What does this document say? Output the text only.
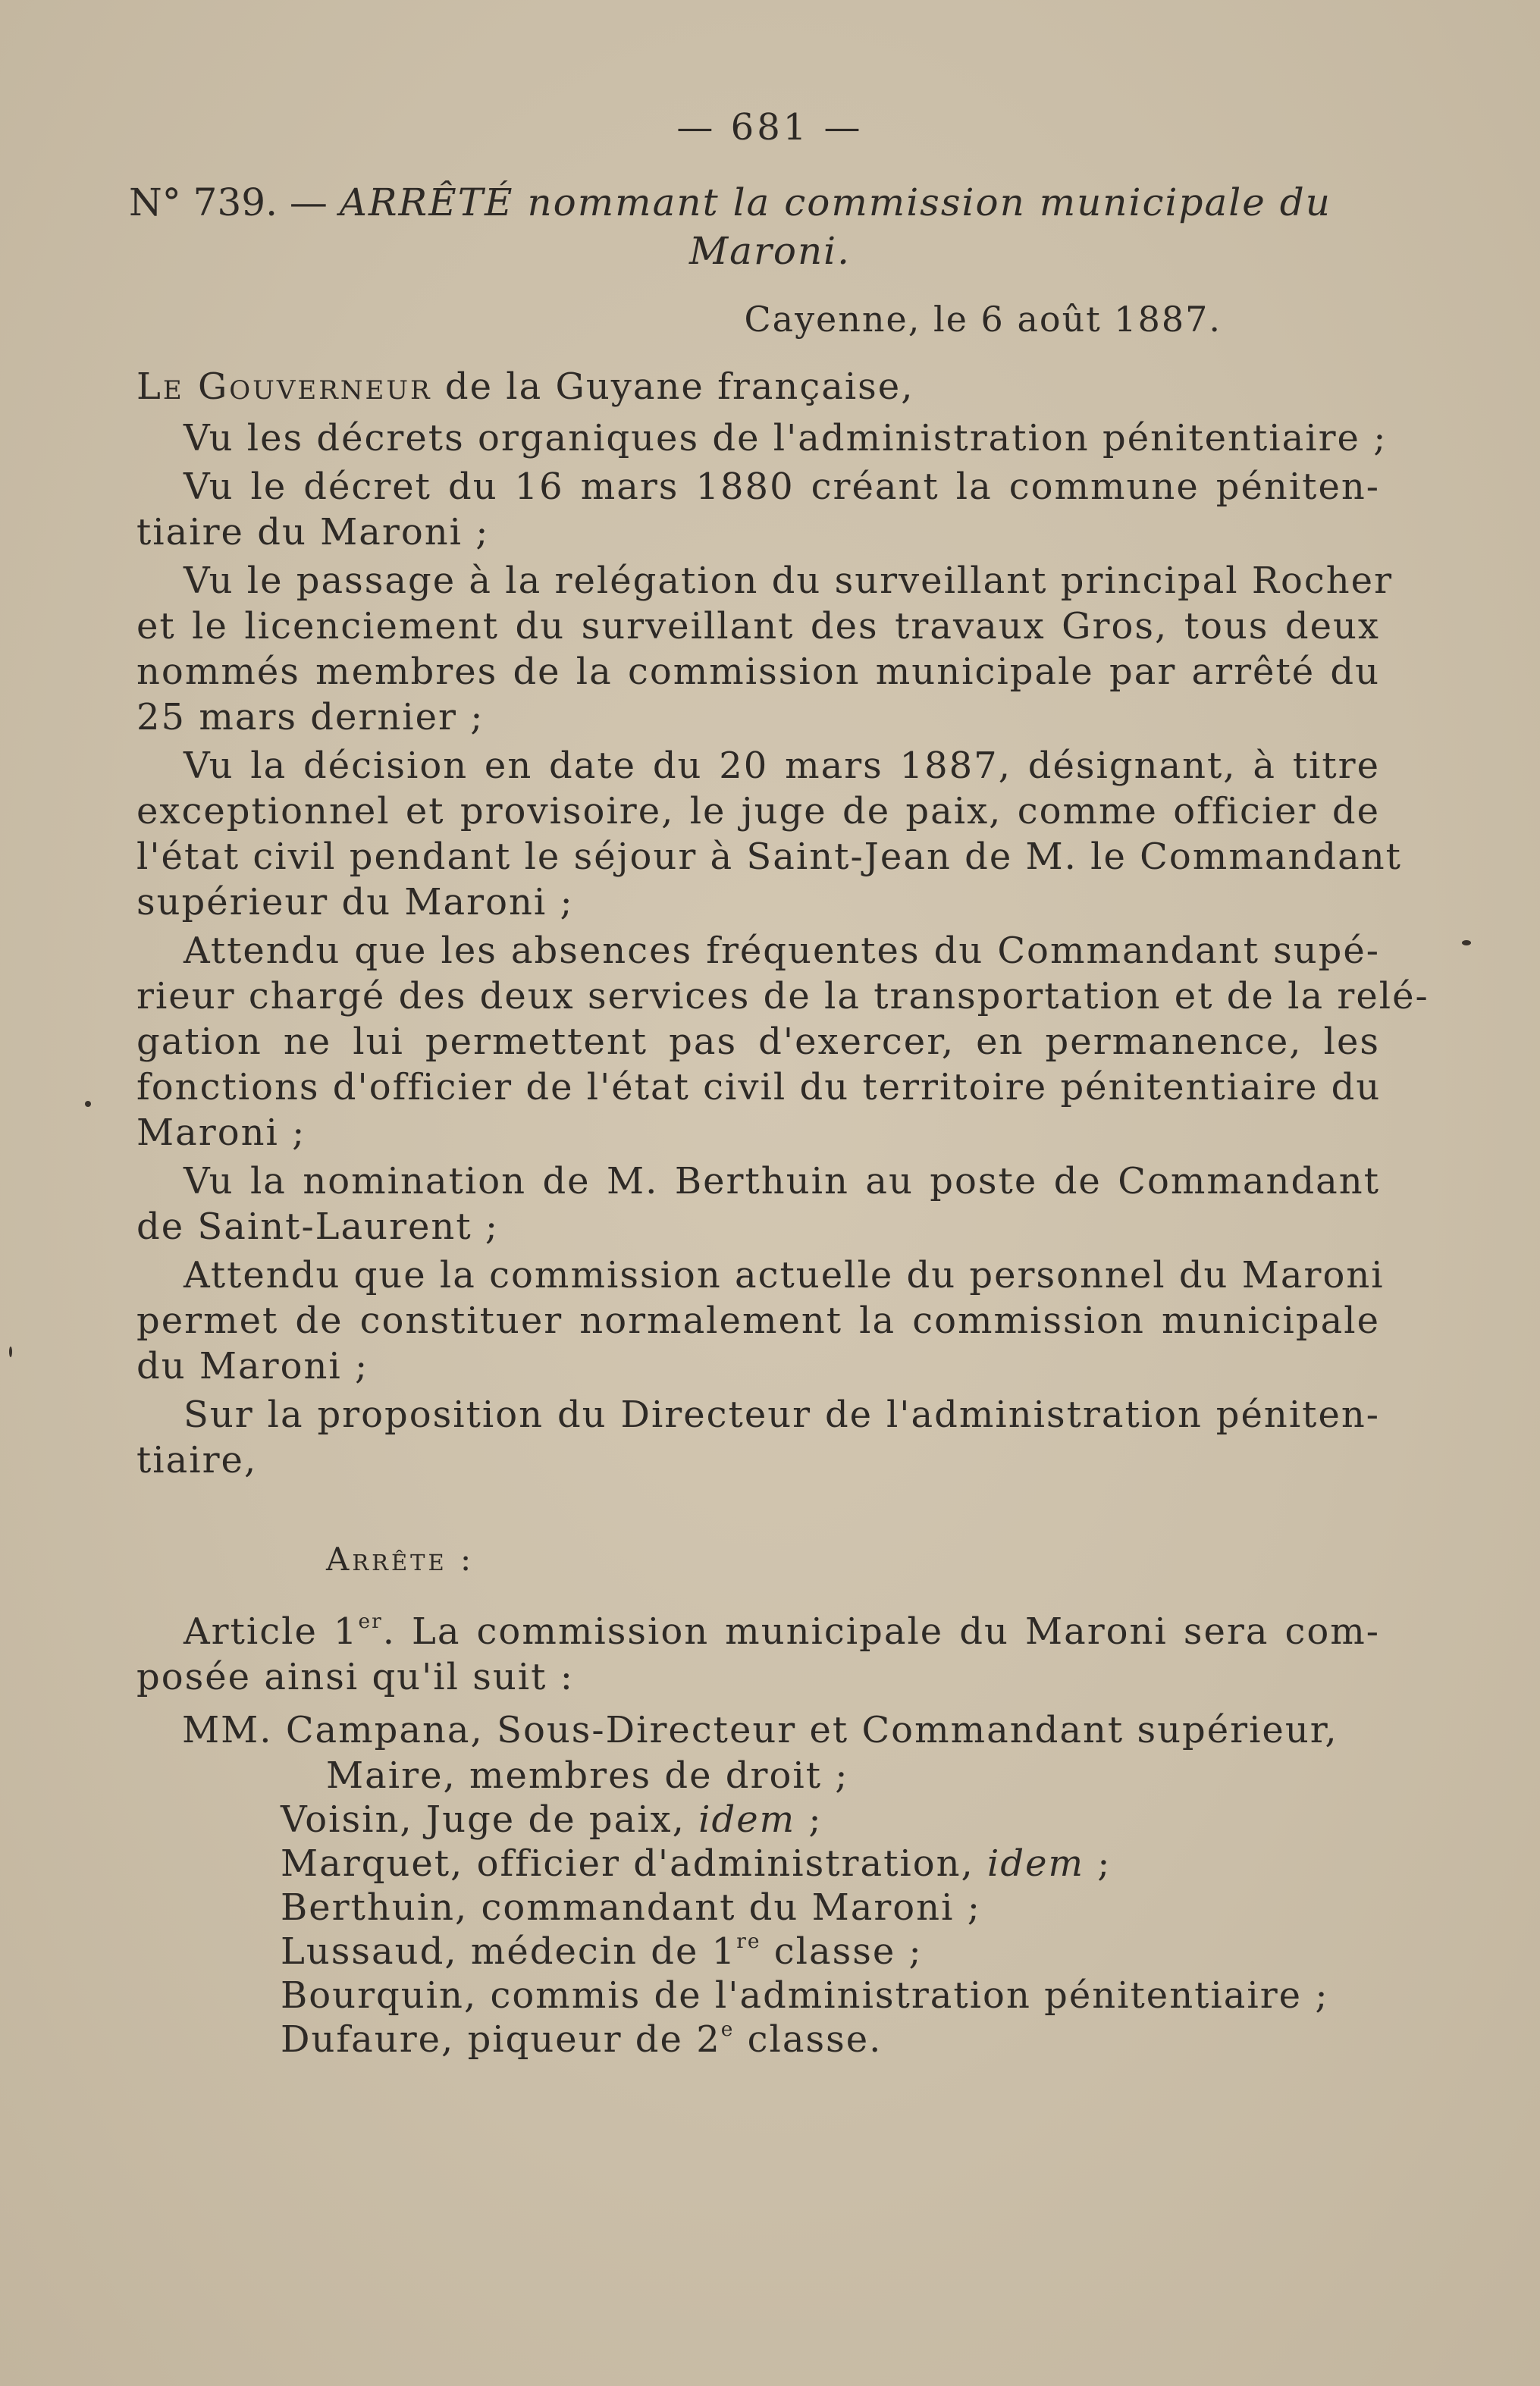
— 681 —
N° 739. — ARRÊTÉ nommant la commission municipale du
Maroni.
Cayenne, le 6 août 1887.
Le Gouverneur de la Guyane française,
Vu les décrets organiques de l'administration pénitentiaire ;
Vu le décret du 16 mars 1880 créant la commune péniten-
tiaire du Maroni ;
Vu le passage à la relégation du surveillant principal Rocher
et le licenciement du surveillant des travaux Gros, tous deux
nommés membres de la commission municipale par arrêté du
25 mars dernier ;
Vu la décision en date du 20 mars 1887, désignant, à titre
exceptionnel et provisoire, le juge de paix, comme officier de
l'état civil pendant le séjour à Saint-Jean de M. le Commandant
supérieur du Maroni ;
Attendu que les absences fréquentes du Commandant supé-
rieur chargé des deux services de la transportation et de la relé-
gation ne lui permettent pas d'exercer, en permanence, les
fonctions d'officier de l'état civil du territoire pénitentiaire du
Maroni ;
Vu la nomination de M. Berthuin au poste de Commandant
de Saint-Laurent ;
Attendu que la commission actuelle du personnel du Maroni
permet de constituer normalement la commission municipale
du Maroni ;
Sur la proposition du Directeur de l'administration péniten-
tiaire,
Arrête :
Article 1er. La commission municipale du Maroni sera com-
posée ainsi qu'il suit :
MM. Campana, Sous-Directeur et Commandant supérieur,
Maire, membres de droit ;
Voisin, Juge de paix, idem ;
Marquet, officier d'administration, idem ;
Berthuin, commandant du Maroni ;
Lussaud, médecin de 1re classe ;
Bourquin, commis de l'administration pénitentiaire ;
Dufaure, piqueur de 2e classe.
